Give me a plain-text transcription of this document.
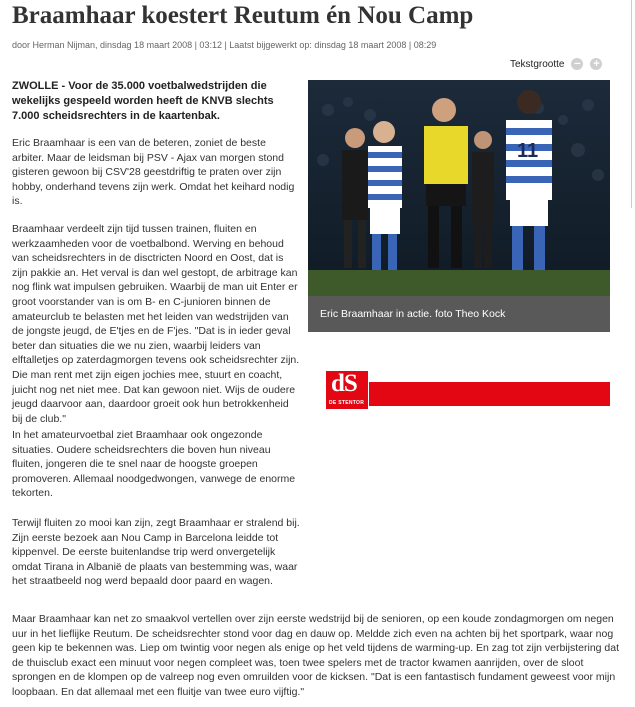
Braamhaar koestert Reutum én Nou Camp
door Herman Nijman, dinsdag 18 maart 2008 | 03:12 | Laatst bijgewerkt op: dinsdag 18 maart 2008 | 08:29
Tekstgrootte − +

ZWOLLE - Voor de 35.000 voetbalwedstrijden die wekelijks gespeeld worden heeft de KNVB slechts 7.000 scheidsrechters in de kaartenbak.

Eric Braamhaar is een van de beteren, zoniet de beste arbiter. Maar de leidsman bij PSV - Ajax van morgen stond gisteren gewoon bij CSV'28 geestdriftig te praten over zijn hobby, onderhand tevens zijn werk. Omdat het keihard nodig is.

Braamhaar verdeelt zijn tijd tussen trainen, fluiten en werkzaamheden voor de voetbalbond. Werving en behoud van scheidsrechters in de disctricten Noord en Oost, dat is zijn pakkie an. Het verval is dan wel gestopt, de arbitrage kan nog flink wat impulsen gebruiken. Waarbij de man uit Enter er groot voorstander van is om B- en C-junioren binnen de amateurclub te belasten met het leiden van wedstrijden van de jongste jeugd, de E'tjes en de F'jes. "Dat is in ieder geval beter dan situaties die we nu zien, waarbij leiders van elftalletjes op zaterdagmorgen tevens ook scheidsrechter zijn. Die man rent met zijn eigen jochies mee, stuurt en coacht, juicht nog net niet mee. Dat kan gewoon niet. Wijs de oudere jeugd daarvoor aan, daardoor groeit ook hun betrokkenheid bij de club."

In het amateurvoetbal ziet Braamhaar ook ongezonde situaties. Oudere scheidsrechters die boven hun niveau fluiten, jongeren die te snel naar de hoogste groepen promoveren. Allemaal noodgedwongen, vanwege de enorme tekorten.

Terwijl fluiten zo mooi kan zijn, zegt Braamhaar er stralend bij. Zijn eerste bezoek aan Nou Camp in Barcelona leidde tot kippenvel. De eerste buitenlandse trip werd onvergetelijk omdat Tirana in Albanië de plaats van bestemming was, waar het straatbeeld nog werd bepaald door paard en wagen.

Maar Braamhaar kan net zo smaakvol vertellen over zijn eerste wedstrijd bij de senioren, op een koude zondagmorgen om negen uur in het lieflijke Reutum. De scheidsrechter stond voor dag en dauw op. Meldde zich even na achten bij het sportpark, waar nog geen kip te bekennen was. Liep om twintig voor negen als enige op het veld tijdens de warming-up. En zag tot zijn verbijstering dat de thuisclub exact een minuut voor negen compleet was, toen twee spelers met de tractor kwamen aanrijden, over de sloot sprongen en de klompen op de valreep nog even omruilden voor de kicksen. "Dat is een fantastisch fundament geweest voor mijn loopbaan. En dat allemaal met een fluitje van twee euro vijftig."

11
Eric Braamhaar in actie. foto Theo Kock
dS
DE STENTOR
